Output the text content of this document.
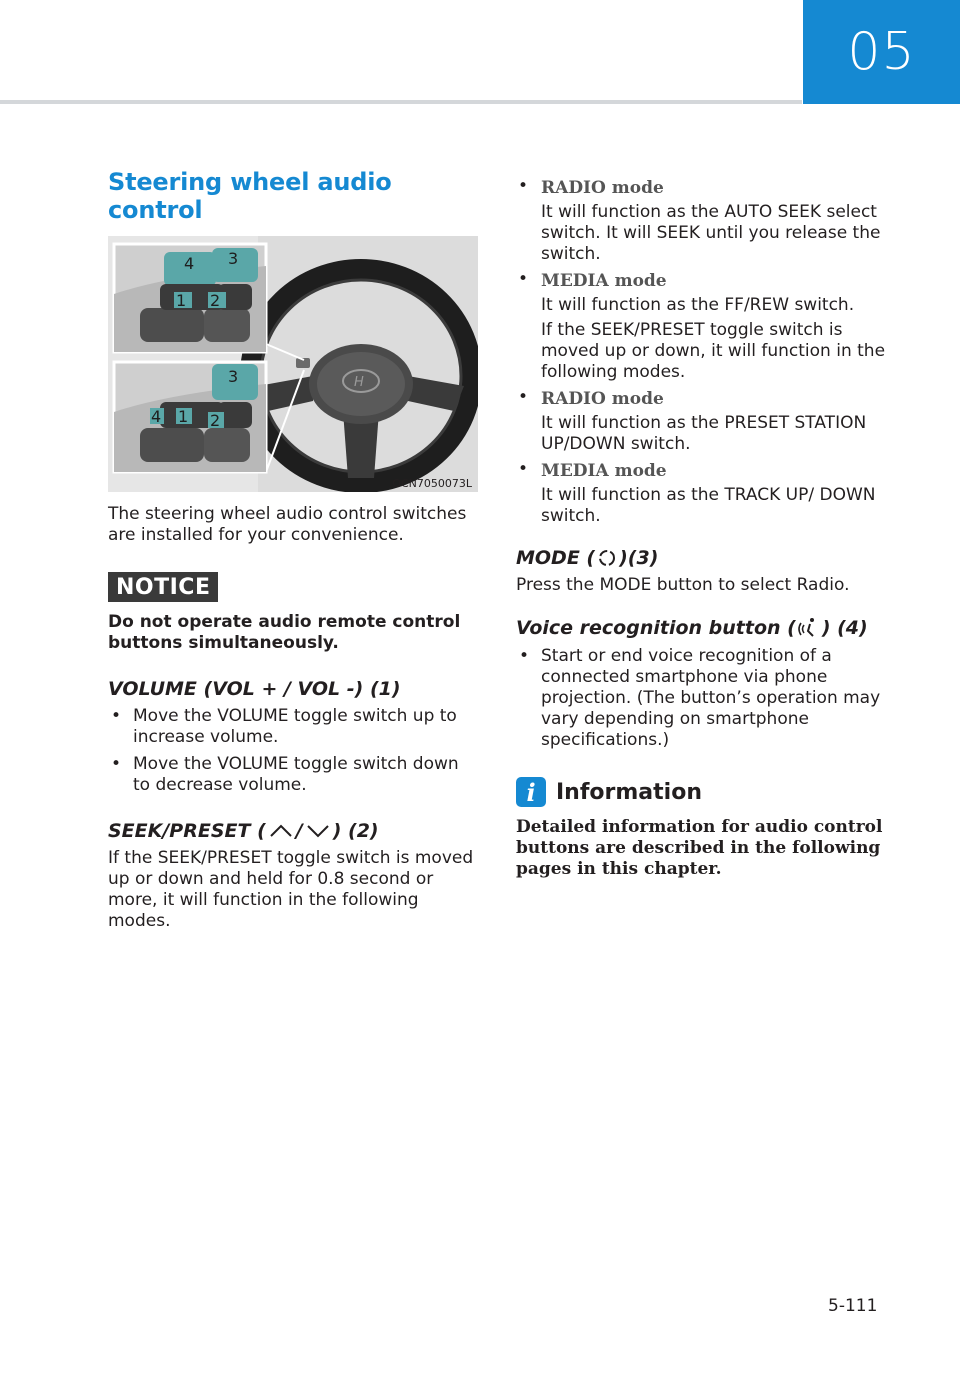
05
Steering wheel audio control
H
4 3
1 2
3
4 1 2
OCN7050073L

The steering wheel audio control switches are installed for your convenience.

NOTICE

Do not operate audio remote control buttons simultaneously.

VOLUME (VOL + / VOL -) (1)
• Move the VOLUME toggle switch up to increase volume.
• Move the VOLUME toggle switch down to decrease volume.
SEEK/PRESET ( / ) (2)

If the SEEK/PRESET toggle switch is moved up or down and held for 0.8 second or more, it will function in the following modes.

• RADIO mode
It will function as the AUTO SEEK select switch. It will SEEK until you release the switch.
• MEDIA mode
It will function as the FF/REW switch.
If the SEEK/PRESET toggle switch is moved up or down, it will function in the following modes.
• RADIO mode
It will function as the PRESET STATION UP/DOWN switch.
• MEDIA mode
It will function as the TRACK UP/ DOWN switch.
MODE ( )(3)

Press the MODE button to select Radio.

Voice recognition button ( ) (4)
• Start or end voice recognition of a connected smartphone via phone projection. (The button’s operation may vary depending on smartphone specifications.)
i Information

Detailed information for audio control buttons are described in the following pages in this chapter.

5-111
